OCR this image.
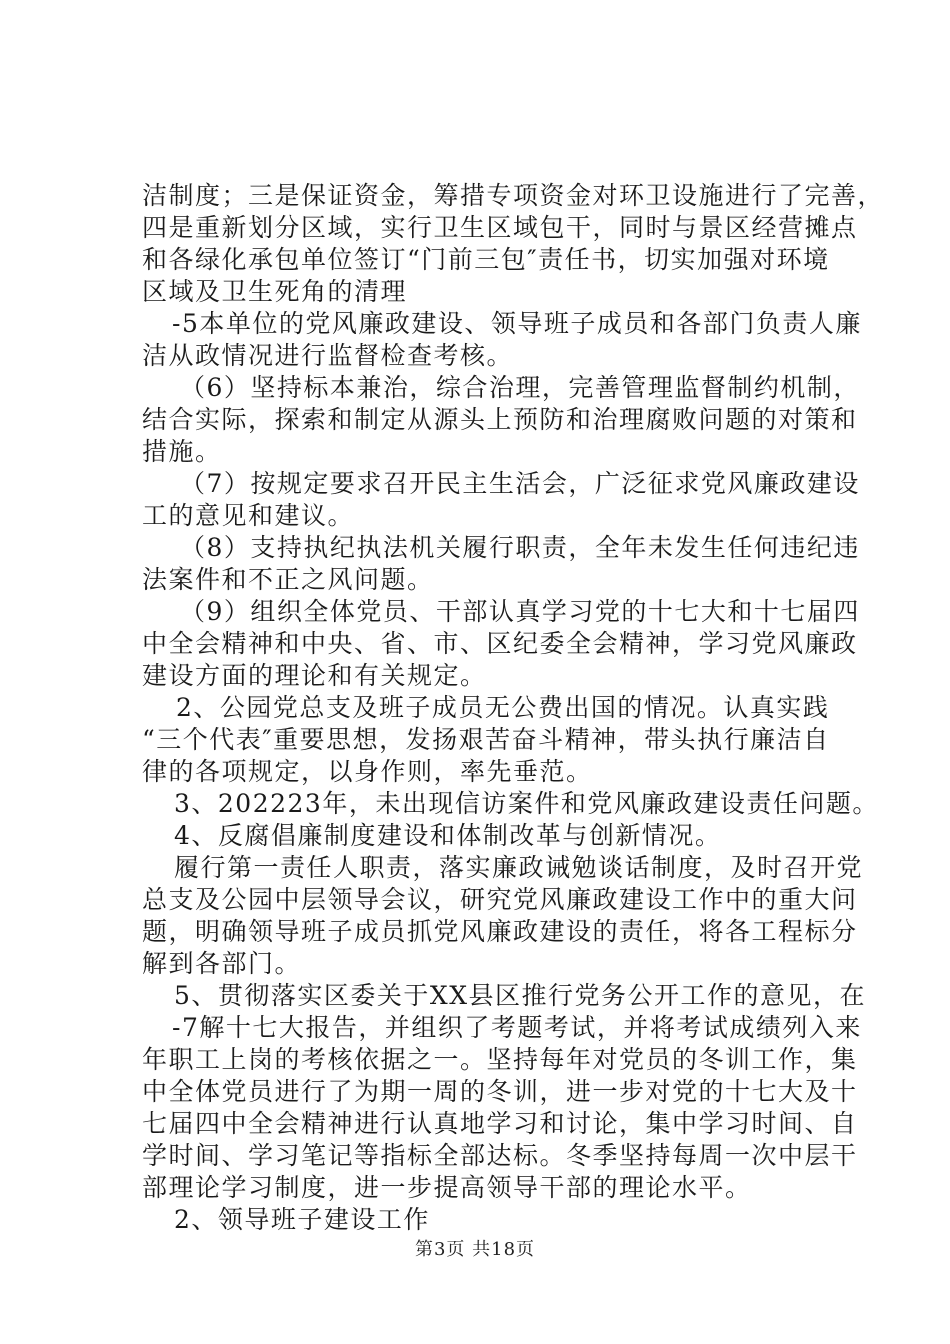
洁制度；三是保证资金，筹措专项资金对环卫设施进行了完善，
四是重新划分区域，实行卫生区域包干，同时与景区经营摊点
和各绿化承包单位签订“门前三包″责任书，切实加强对环境
区域及卫生死角的清理
-5本单位的党风廉政建设、领导班子成员和各部门负责人廉
洁从政情况进行监督检查考核。
（6）坚持标本兼治，综合治理，完善管理监督制约机制，
结合实际，探索和制定从源头上预防和治理腐败问题的对策和
措施。
（7）按规定要求召开民主生活会，广泛征求党风廉政建设
工的意见和建议。
（8）支持执纪执法机关履行职责，全年未发生任何违纪违
法案件和不正之风问题。
（9）组织全体党员、干部认真学习党的十七大和十七届四
中全会精神和中央、省、市、区纪委全会精神，学习党风廉政
建设方面的理论和有关规定。
2、公园党总支及班子成员无公费出国的情况。认真实践
“三个代表″重要思想，发扬艰苦奋斗精神，带头执行廉洁自
律的各项规定，以身作则，率先垂范。
3、202223年，未出现信访案件和党风廉政建设责任问题。
4、反腐倡廉制度建设和体制改革与创新情况。
履行第一责任人职责，落实廉政诫勉谈话制度，及时召开党
总支及公园中层领导会议，研究党风廉政建设工作中的重大问
题，明确领导班子成员抓党风廉政建设的责任，将各工程标分
解到各部门。
5、贯彻落实区委关于XX县区推行党务公开工作的意见，在
-7解十七大报告，并组织了考题考试，并将考试成绩列入来
年职工上岗的考核依据之一。坚持每年对党员的冬训工作，集
中全体党员进行了为期一周的冬训，进一步对党的十七大及十
七届四中全会精神进行认真地学习和讨论，集中学习时间、自
学时间、学习笔记等指标全部达标。冬季坚持每周一次中层干
部理论学习制度，进一步提高领导干部的理论水平。
2、领导班子建设工作
第3页 共18页
